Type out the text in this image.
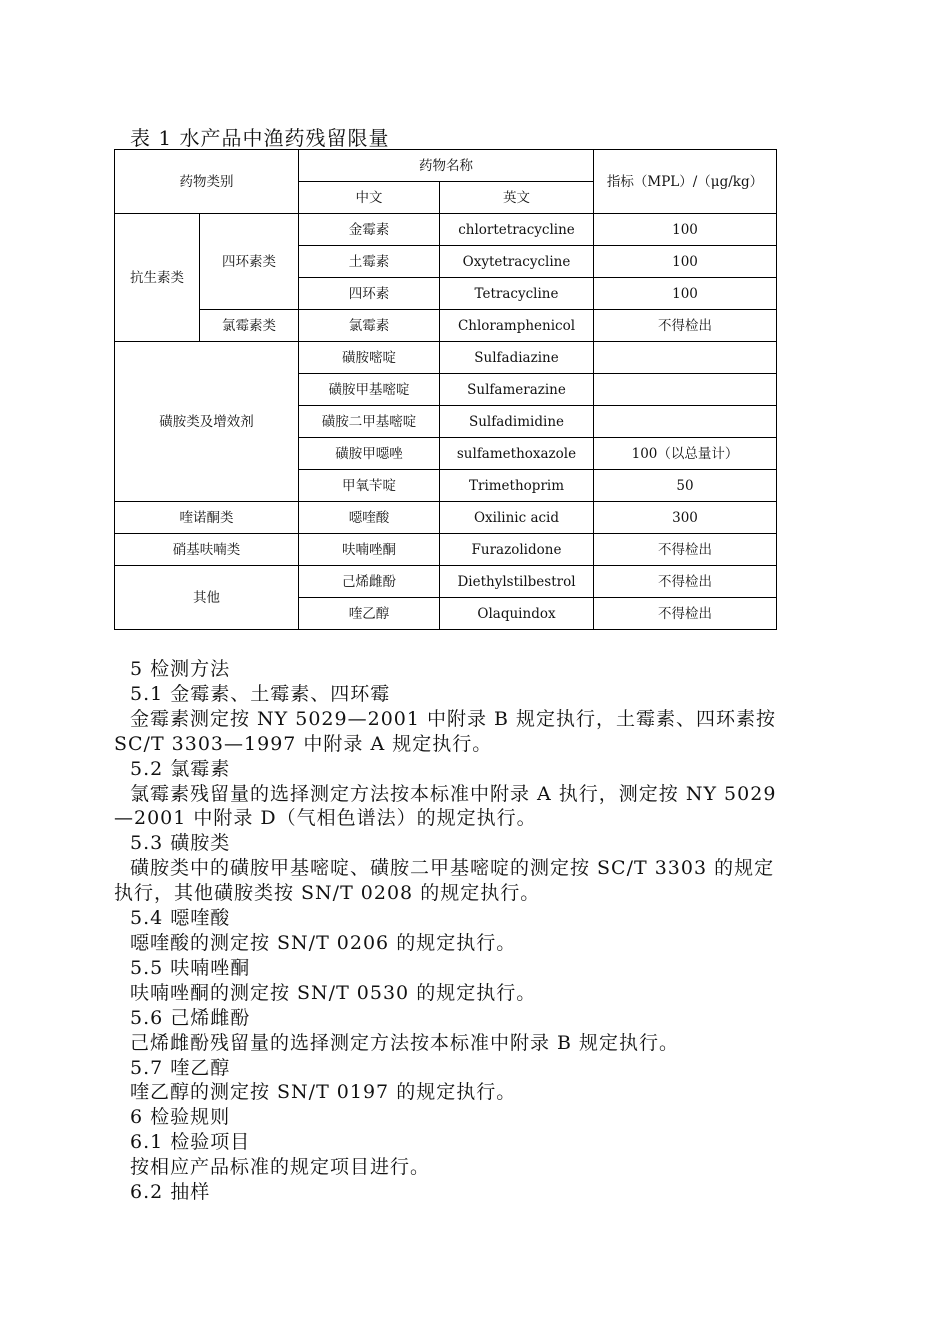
表 1 水产品中渔药残留限量
药物类别		药物名称		指标（MPL）/（μg/kg）
		中文	英文	
抗生素类	四环素类	金霉素	chlortetracycline	100
		土霉素	Oxytetracycline	100
		四环素	Tetracycline	100
	氯霉素类	氯霉素	Chloramphenicol	不得检出
磺胺类及增效剂		磺胺嘧啶	Sulfadiazine	
		磺胺甲基嘧啶	Sulfamerazine	
		磺胺二甲基嘧啶	Sulfadimidine	
		磺胺甲噁唑	sulfamethoxazole	100（以总量计）
		甲氧苄啶	Trimethoprim	50
喹诺酮类		噁喹酸	Oxilinic acid	300
硝基呋喃类		呋喃唑酮	Furazolidone	不得检出
其他		己烯雌酚	Diethylstilbestrol	不得检出
		喹乙醇	Olaquindox	不得检出

5 检测方法

5.1 金霉素、土霉素、四环霉

金霉素测定按 NY 5029—2001 中附录 B 规定执行，土霉素、四环素按

SC/T 3303—1997 中附录 A 规定执行。

5.2 氯霉素

氯霉素残留量的选择测定方法按本标准中附录 A 执行，测定按 NY 5029

—2001 中附录 D（气相色谱法）的规定执行。

5.3 磺胺类

磺胺类中的磺胺甲基嘧啶、磺胺二甲基嘧啶的测定按 SC/T 3303 的规定

执行，其他磺胺类按 SN/T 0208 的规定执行。

5.4 噁喹酸

噁喹酸的测定按 SN/T 0206 的规定执行。

5.5 呋喃唑酮

呋喃唑酮的测定按 SN/T 0530 的规定执行。

5.6 己烯雌酚

己烯雌酚残留量的选择测定方法按本标准中附录 B 规定执行。

5.7 喹乙醇

喹乙醇的测定按 SN/T 0197 的规定执行。

6 检验规则

6.1 检验项目

按相应产品标准的规定项目进行。

6.2 抽样
